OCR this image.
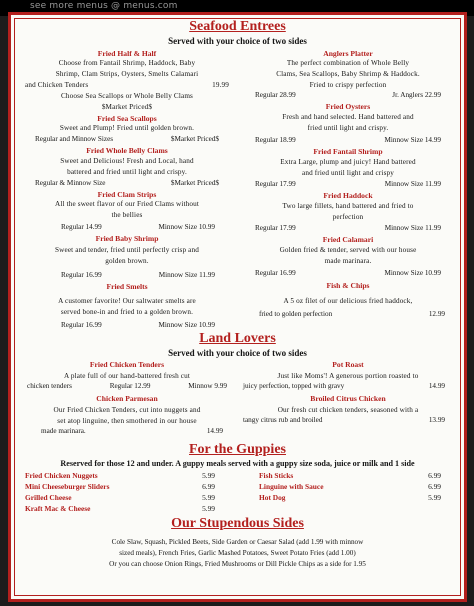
see more menus @ menus.com
Seafood Entrees
Served with your choice of two sides
Fried Half & Half
Choose from Fantail Shrimp, Haddock, Baby
Shrimp, Clam Strips, Oysters, Smelts Calamari
and Chicken Tenders	19.99
Choose Sea Scallops or Whole Belly Clams
$Market Priced$
Fried Sea Scallops
Sweet and Plump! Fried until golden brown.
Regular and Minnow Sizes	$Market Priced$
Fried Whole Belly Clams
Sweet and Delicious! Fresh and Local, hand
battered and fried until light and crispy.
Regular & Minnow Size	$Market Priced$
Fried Clam Strips
All the sweet flavor of our Fried Clams without
the bellies
Regular 14.99	Minnow Size 10.99
Fried Baby Shrimp
Sweet and tender, fried until perfectly crisp and
golden brown.
Regular 16.99	Minnow Size 11.99
Fried Smelts
A customer favorite! Our saltwater smelts are
served bone-in and fried to a golden brown.
Regular 16.99	Minnow Size 10.99
Anglers Platter
The perfect combination of Whole Belly
Clams, Sea Scallops, Baby Shrimp & Haddock.
Fried to crispy perfection
Regular 28.99	Jr. Anglers 22.99
Fried Oysters
Fresh and hand selected. Hand battered and
fried until light and crispy.
Regular 18.99	Minnow Size 14.99
Fried Fantail Shrimp
Extra Large, plump and juicy! Hand battered
and fried until light and crispy
Regular 17.99	Minnow Size 11.99
Fried Haddock
Two large fillets, hand battered and fried to
perfection
Regular 17.99	Minnow Size 11.99
Fried Calamari
Golden fried & tender, served with our house
made marinara.
Regular 16.99	Minnow Size 10.99
Fish & Chips
A 5 oz filet of our delicious fried haddock,
fried to golden perfection	12.99
Land Lovers
Served with your choice of two sides
Fried Chicken Tenders
A plate full of our hand-battered fresh cut
chicken tenders	Regular 12.99	Minnow 9.99
Chicken Parmesan
Our Fried Chicken Tenders, cut into nuggets and
set atop linguine, then smothered in our house
made marinara.	14.99
Pot Roast
Just like Moms'! A generous portion roasted to
juicy perfection, topped with gravy	14.99
Broiled Citrus Chicken
Our fresh cut chicken tenders, seasoned with a
tangy citrus rub and broiled	13.99
For the Guppies
Reserved for those 12 and under. A guppy meals served with a guppy size soda, juice or milk and 1 side
Fried Chicken Nuggets	5.99
Mini Cheeseburger Sliders	6.99
Grilled Cheese	5.99
Kraft Mac & Cheese	5.99
Fish Sticks	6.99
Linguine with Sauce	6.99
Hot Dog	5.99
Our Stupendous Sides
Cole Slaw, Squash, Pickled Beets, Side Garden or Caesar Salad (add 1.99 with minnow
sized meals), French Fries, Garlic Mashed Potatoes, Sweet Potato Fries (add 1.00)
Or you can choose Onion Rings, Fried Mushrooms or Dill Pickle Chips as a side for 1.95
